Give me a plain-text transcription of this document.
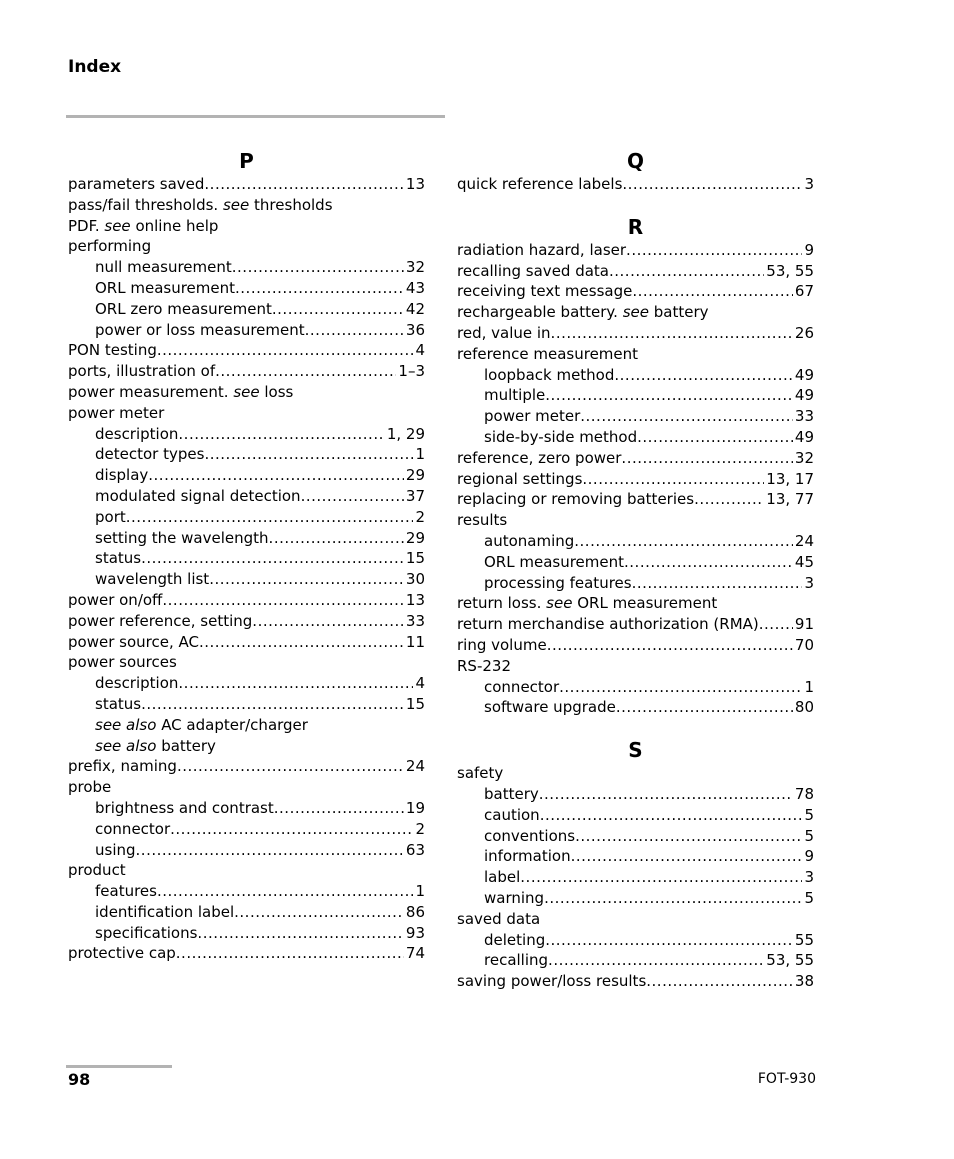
Index
P
parameters saved .....	13
pass/fail thresholds.
see
thresholds
PDF.
see
online help
performing
null measurement .....	32
ORL measurement .....	43
ORL zero measurement .....	42
power or loss measurement .....	36
PON testing .....	4
ports, illustration of .....	1–3
power measurement.
see
loss
power meter
description .....	1, 29
detector types .....	1
display .....	29
modulated signal detection .....	37
port .....	2
setting the wavelength .....	29
status .....	15
wavelength list .....	30
power on/off .....	13
power reference, setting .....	33
power source, AC .....	11
power sources
description .....	4
status .....	15
see also
AC adapter/charger
see also
battery
prefix, naming .....	24
probe
brightness and contrast .....	19
connector .....	2
using .....	63
product
features .....	1
identification label .....	86
specifications .....	93
protective cap .....	74
Q
quick reference labels .....	3
R
radiation hazard, laser .....	9
recalling saved data .....	53, 55
receiving text message .....	67
rechargeable battery.
see
battery
red, value in .....	26
reference measurement
loopback method .....	49
multiple .....	49
power meter .....	33
side-by-side method .....	49
reference, zero power .....	32
regional settings .....	13, 17
replacing or removing batteries .....	13, 77
results
autonaming .....	24
ORL measurement .....	45
processing features .....	3
return loss.
see
ORL measurement
return merchandise authorization (RMA) ..... 91
ring volume .....	70
RS-232
connector .....	1
software upgrade .....	80
S
safety
battery .....	78
caution .....	5
conventions .....	5
information .....	9
label .....	3
warning .....	5
saved data
deleting .....	55
recalling .....	53, 55
saving power/loss results .....	38
98	FOT-930
